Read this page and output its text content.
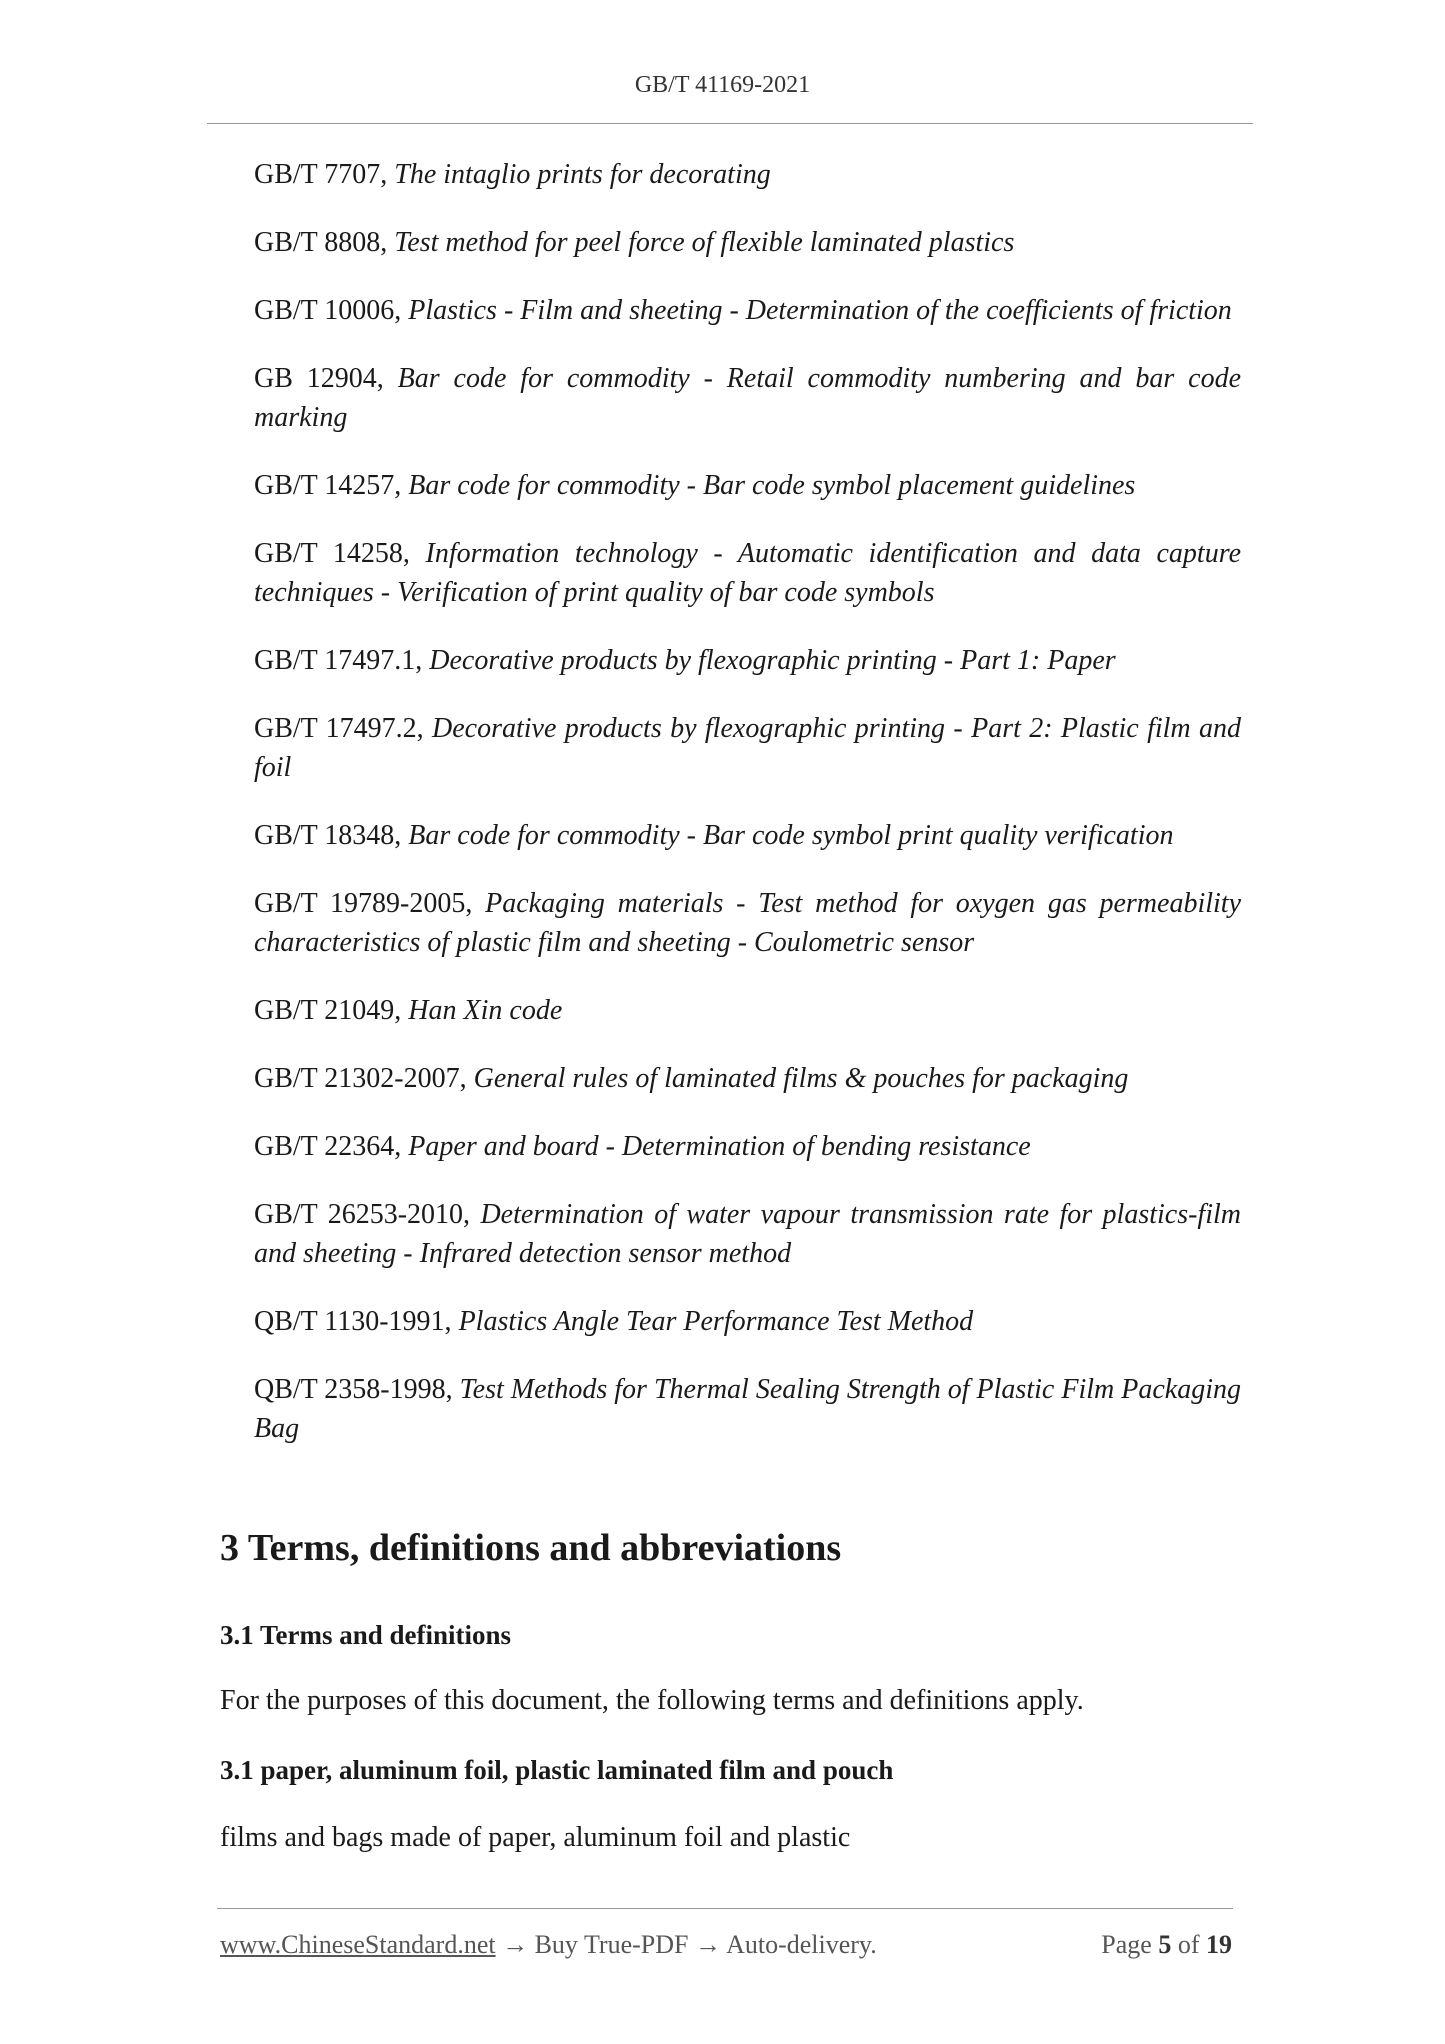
GB/T 41169-2021

GB/T 7707, The intaglio prints for decorating

GB/T 8808, Test method for peel force of flexible laminated plastics

GB/T 10006, Plastics - Film and sheeting - Determination of the coefficients of friction

GB 12904, Bar code for commodity - Retail commodity numbering and bar code marking

GB/T 14257, Bar code for commodity - Bar code symbol placement guidelines

GB/T 14258, Information technology - Automatic identification and data capture techniques - Verification of print quality of bar code symbols

GB/T 17497.1, Decorative products by flexographic printing - Part 1: Paper

GB/T 17497.2, Decorative products by flexographic printing - Part 2: Plastic film and foil

GB/T 18348, Bar code for commodity - Bar code symbol print quality verification

GB/T 19789-2005, Packaging materials - Test method for oxygen gas permeability characteristics of plastic film and sheeting - Coulometric sensor

GB/T 21049, Han Xin code

GB/T 21302-2007, General rules of laminated films & pouches for packaging

GB/T 22364, Paper and board - Determination of bending resistance

GB/T 26253-2010, Determination of water vapour transmission rate for plastics-film and sheeting - Infrared detection sensor method

QB/T 1130-1991, Plastics Angle Tear Performance Test Method

QB/T 2358-1998, Test Methods for Thermal Sealing Strength of Plastic Film Packaging Bag

3 Terms, definitions and abbreviations
3.1 Terms and definitions
For the purposes of this document, the following terms and definitions apply.
3.1 paper, aluminum foil, plastic laminated film and pouch
films and bags made of paper, aluminum foil and plastic
www.ChineseStandard.net → Buy True-PDF → Auto-delivery.	Page 5 of 19
